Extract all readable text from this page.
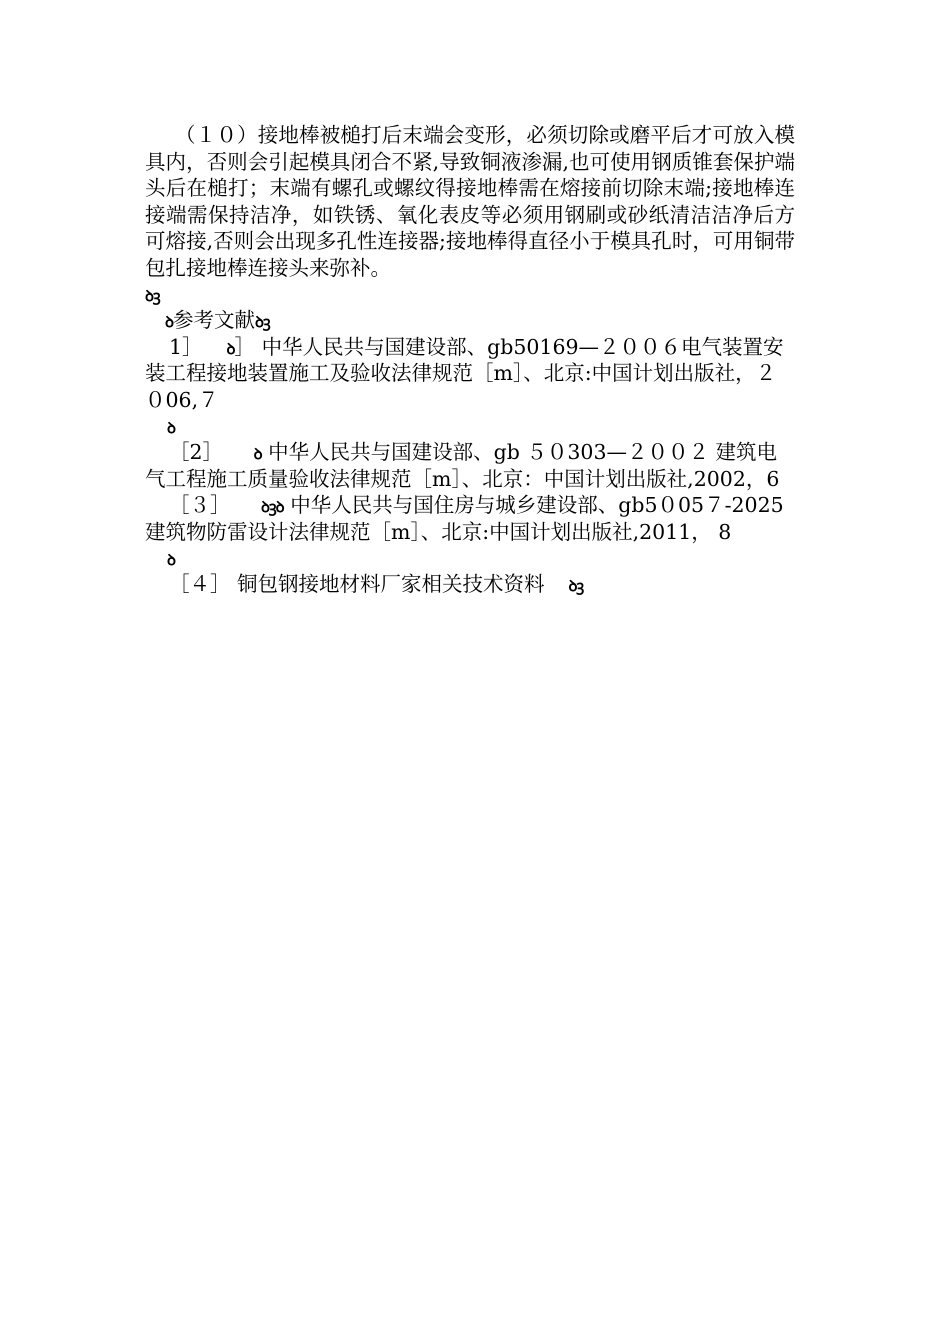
（１０）接地棒被槌打后末端会变形，必须切除或磨平后才可放入模具内，否则会引起模具闭合不紧,导致铜液渗漏,也可使用钢质锥套保护端头后在槌打；末端有螺孔或螺纹得接地棒需在熔接前切除末端;接地棒连接端需保持洁净，如铁锈、氧化表皮等必须用钢刷或砂纸清洁洁净后方可熔接,否则会出现多孔性连接器;接地棒得直径小于模具孔时，可用铜带包扎接地棒连接头来弥补。

ꝺꝫ

ꝺ参考文献ꝺꝫ

1］ ꝺ］ 中华人民共与国建设部、gb50169—２００６电气装置安装工程接地装置施工及验收法律规范［m］、北京:中国计划出版社，２０06,７

ꝺ

［2］ ꝺ 中华人民共与国建设部、gb ５０303—２００２ 建筑电气工程施工质量验收法律规范［m］、北京：中国计划出版社,2002，6

［３］ ꝺꝫꝺ 中华人民共与国住房与城乡建设部、gb5０05７-2025 建筑物防雷设计法律规范［m］、北京:中国计划出版社,2011， 8

ꝺ

［４］ 铜包钢接地材料厂家相关技术资料 ꝺꝫ
